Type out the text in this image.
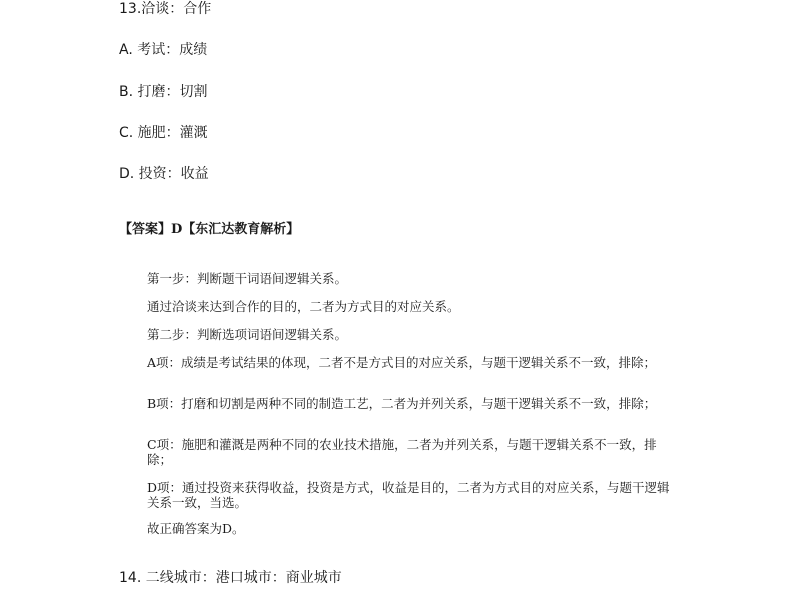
13.洽谈：合作
A. 考试：成绩
B. 打磨：切割
C. 施肥：灌溉
D. 投资：收益
【答案】D【东汇达教育解析】
第一步：判断题干词语间逻辑关系。
通过洽谈来达到合作的目的，二者为方式目的对应关系。
第二步：判断选项词语间逻辑关系。
A项：成绩是考试结果的体现，二者不是方式目的对应关系，与题干逻辑关系不一致，排除；
B项：打磨和切割是两种不同的制造工艺，二者为并列关系，与题干逻辑关系不一致，排除；
C项：施肥和灌溉是两种不同的农业技术措施，二者为并列关系，与题干逻辑关系不一致，排除；
D项：通过投资来获得收益，投资是方式，收益是目的，二者为方式目的对应关系，与题干逻辑关系一致，当选。
故正确答案为D。
14. 二线城市：港口城市：商业城市
